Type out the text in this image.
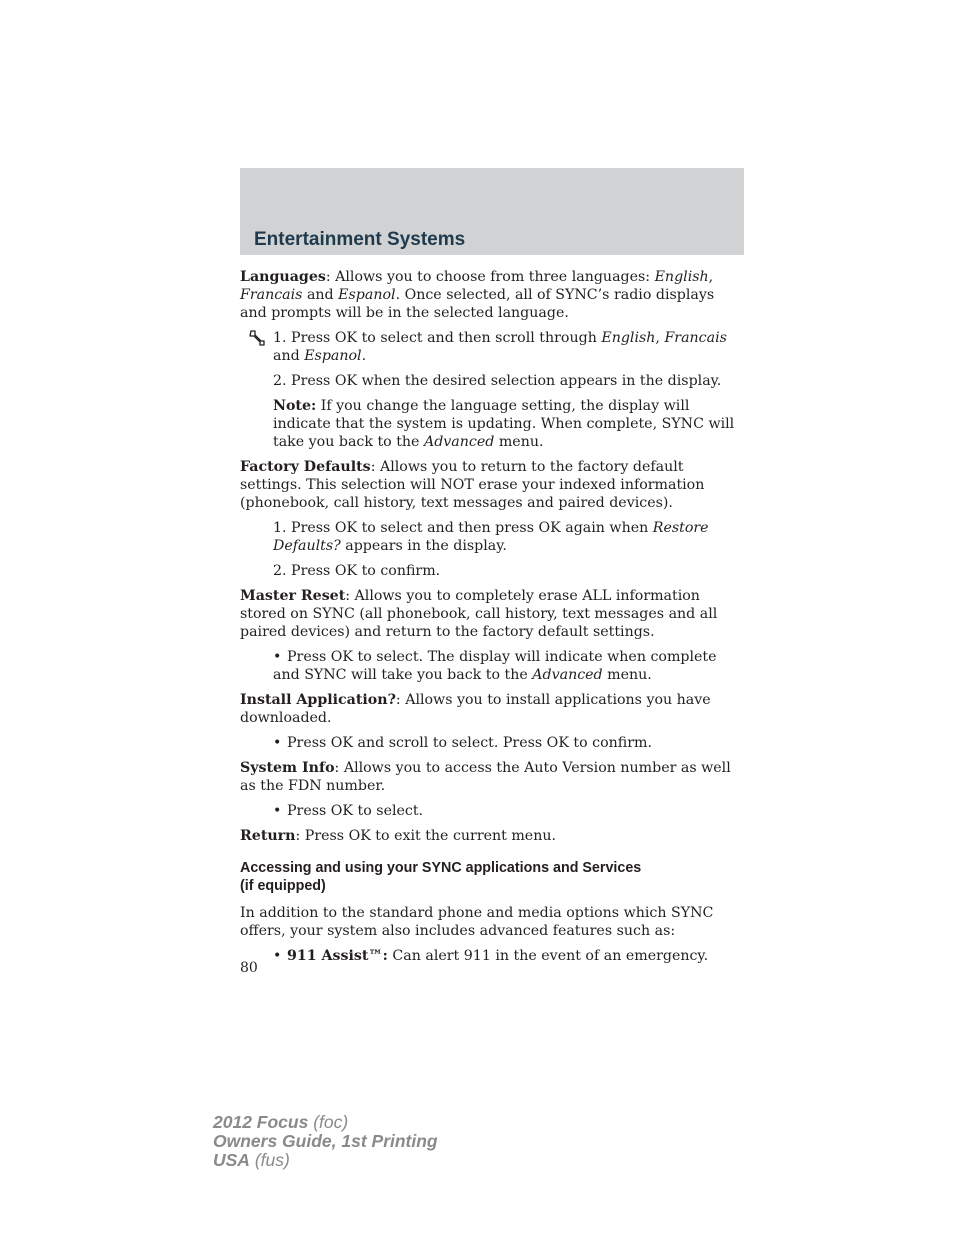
Entertainment Systems

Languages: Allows you to choose from three languages: English, Francais and Espanol. Once selected, all of SYNC’s radio displays and prompts will be in the selected language.

1. Press OK to select and then scroll through English, Francais and Espanol.

2. Press OK when the desired selection appears in the display.

Note: If you change the language setting, the display will indicate that the system is updating. When complete, SYNC will take you back to the Advanced menu.

Factory Defaults: Allows you to return to the factory default settings. This selection will NOT erase your indexed information (phonebook, call history, text messages and paired devices).

1. Press OK to select and then press OK again when Restore Defaults? appears in the display.

2. Press OK to confirm.

Master Reset: Allows you to completely erase ALL information stored on SYNC (all phonebook, call history, text messages and all paired devices) and return to the factory default settings.

• Press OK to select. The display will indicate when complete and SYNC will take you back to the Advanced menu.

Install Application?: Allows you to install applications you have downloaded.

• Press OK and scroll to select. Press OK to confirm.

System Info: Allows you to access the Auto Version number as well as the FDN number.

• Press OK to select.

Return: Press OK to exit the current menu.

Accessing and using your SYNC applications and Services
(if equipped)

In addition to the standard phone and media options which SYNC offers, your system also includes advanced features such as:

• 911 Assist™: Can alert 911 in the event of an emergency.

80
2012 Focus (foc)
Owners Guide, 1st Printing
USA (fus)
